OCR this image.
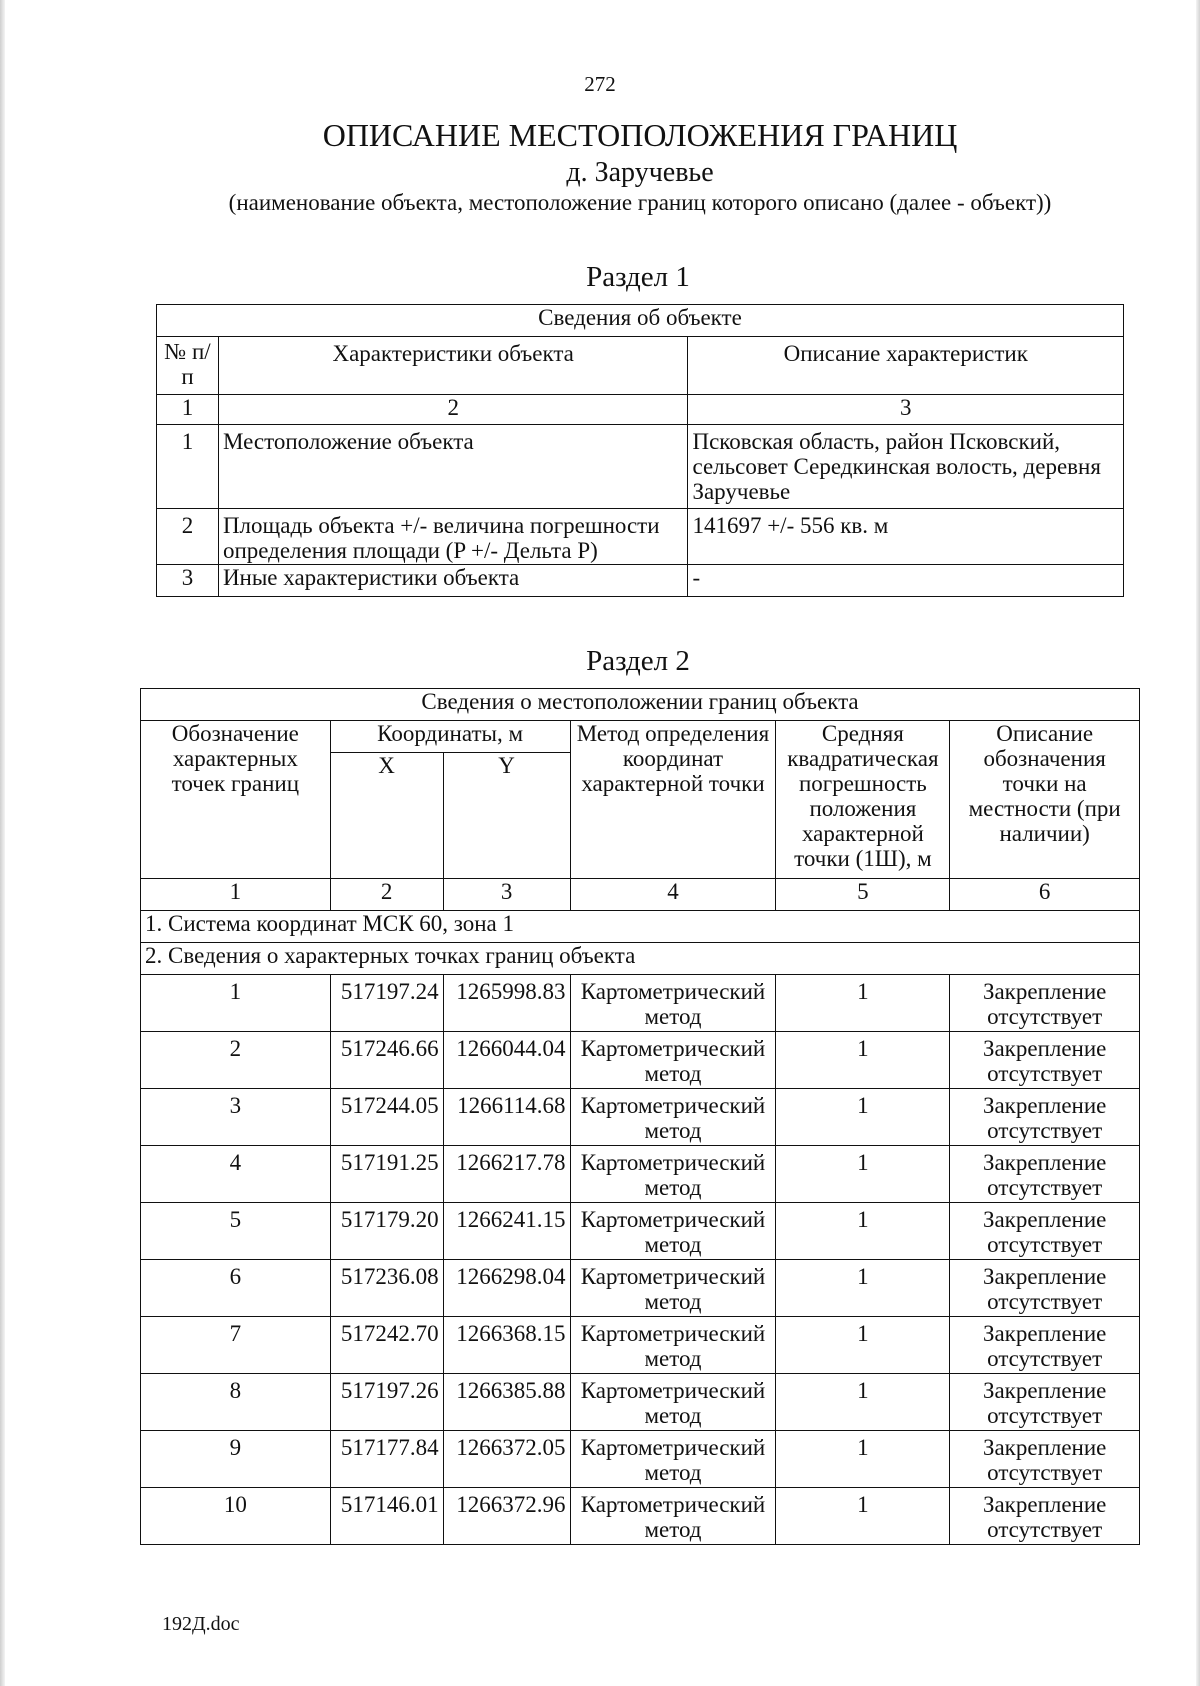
272
ОПИСАНИЕ МЕСТОПОЛОЖЕНИЯ ГРАНИЦ
д. Заручевье
(наименование объекта, местоположение границ которого описано (далее - объект))
Раздел 1
Сведения об объекте		
№ п/п	Характеристики объекта	Описание характеристик
1	2	3
1	Местоположение объекта	Псковская область, район Псковский, сельсовет Середкинская волость, деревня Заручевье
2	Площадь объекта +/- величина погрешности определения площади (P +/- Дельта P)	141697 +/- 556 кв. м
3	Иные характеристики объекта	-
Раздел 2
Сведения о местоположении границ объекта					
Обозначение характерных точек границ	Координаты, м		Метод определения координат характерной точки	Средняя квадратическая погрешность положения характерной точки (1Ш), м	Описание обозначения точки на местности (при наличии)
	X	Y			
1	2	3	4	5	6
1. Система координат МСК 60, зона 1					
2. Сведения о характерных точках границ объекта					
1	517197.24	1265998.83	Картометрический метод	1	Закрепление отсутствует
2	517246.66	1266044.04	Картометрический метод	1	Закрепление отсутствует
3	517244.05	1266114.68	Картометрический метод	1	Закрепление отсутствует
4	517191.25	1266217.78	Картометрический метод	1	Закрепление отсутствует
5	517179.20	1266241.15	Картометрический метод	1	Закрепление отсутствует
6	517236.08	1266298.04	Картометрический метод	1	Закрепление отсутствует
7	517242.70	1266368.15	Картометрический метод	1	Закрепление отсутствует
8	517197.26	1266385.88	Картометрический метод	1	Закрепление отсутствует
9	517177.84	1266372.05	Картометрический метод	1	Закрепление отсутствует
10	517146.01	1266372.96	Картометрический метод	1	Закрепление отсутствует
192Д.doc
